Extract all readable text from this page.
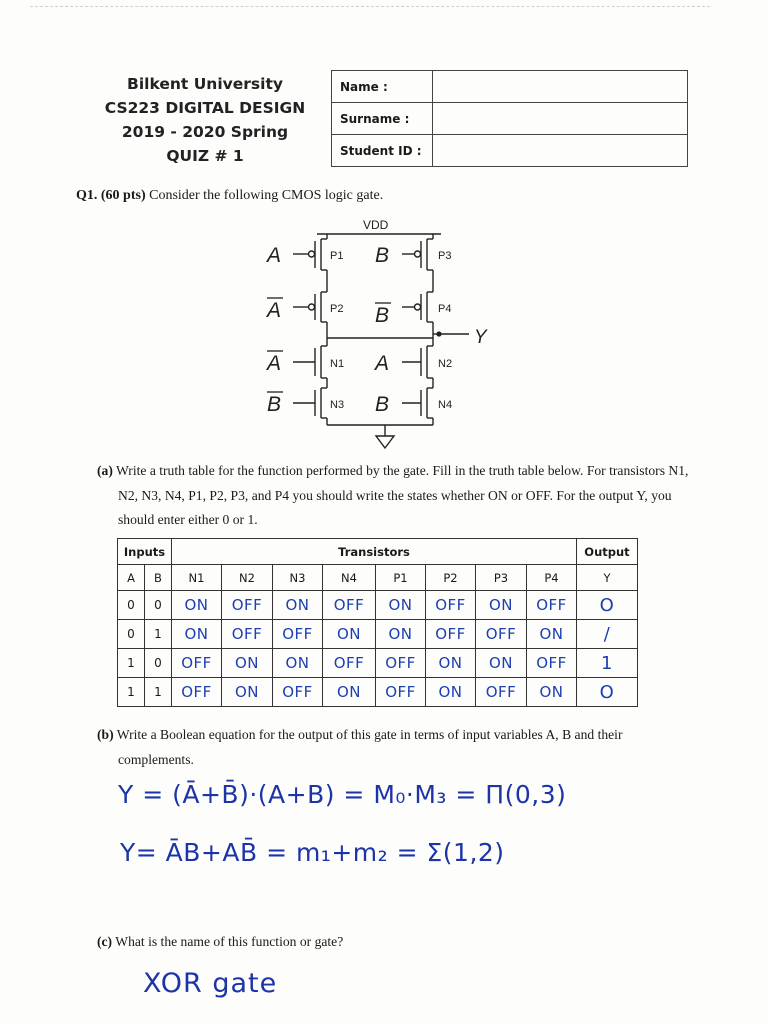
Bilkent University
CS223 DIGITAL DESIGN
2019 - 2020 Spring
QUIZ # 1
Name :	
Surname :	
Student ID :	
Q1. (60 pts) Consider the following CMOS logic gate.
VDD
Y
A	B
A	B
A	A
B	B
P1	P3
P2	P4
N1	N2
N3	N4
(a) Write a truth table for the function performed by the gate. Fill in the truth table below. For transistors N1, N2, N3, N4, P1, P2, P3, and P4 you should write the states whether ON or OFF. For the output Y, you should enter either 0 or 1.
Inputs		Transistors								Output
A	B	N1	N2	N3	N4	P1	P2	P3	P4	Y
0	0	ON	OFF	ON	OFF	ON	OFF	ON	OFF	O
0	1	ON	OFF	OFF	ON	ON	OFF	OFF	ON	/
1	0	OFF	ON	ON	OFF	OFF	ON	ON	OFF	1
1	1	OFF	ON	OFF	ON	OFF	ON	OFF	ON	O
(b) Write a Boolean equation for the output of this gate in terms of input variables A, B and their complements.
Y = (Ā+B̄)·(A+B) = M₀·M₃ = Π(0,3)
Y= ĀB+AB̄ = m₁+m₂ = Σ(1,2)
(c) What is the name of this function or gate?
XOR gate
